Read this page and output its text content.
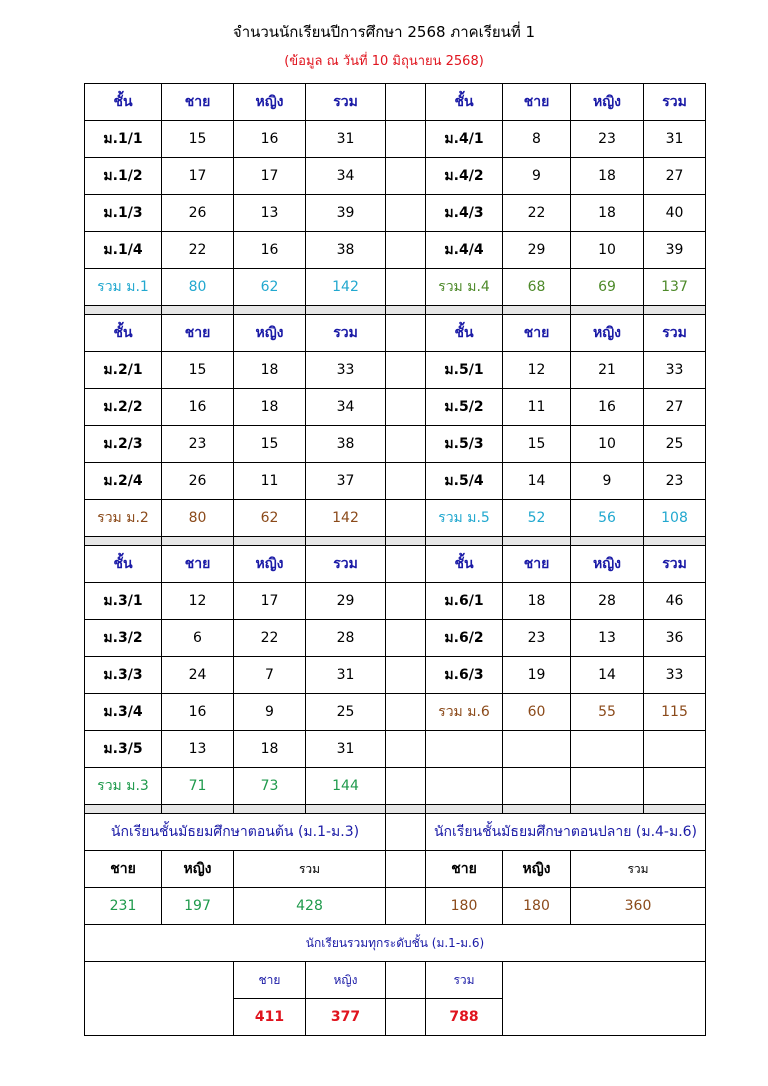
จำนวนนักเรียนปีการศึกษา 2568 ภาคเรียนที่ 1
(ข้อมูล ณ วันที่ 10 มิถุนายน 2568)
ชั้น	ชาย	หญิง	รวม		ชั้น	ชาย	หญิง	รวม
ม.1/1	15	16	31		ม.4/1	8	23	31
ม.1/2	17	17	34		ม.4/2	9	18	27
ม.1/3	26	13	39		ม.4/3	22	18	40
ม.1/4	22	16	38		ม.4/4	29	10	39
รวม ม.1	80	62	142		รวม ม.4	68	69	137

ชั้น	ชาย	หญิง	รวม		ชั้น	ชาย	หญิง	รวม
ม.2/1	15	18	33		ม.5/1	12	21	33
ม.2/2	16	18	34		ม.5/2	11	16	27
ม.2/3	23	15	38		ม.5/3	15	10	25
ม.2/4	26	11	37		ม.5/4	14	9	23
รวม ม.2	80	62	142		รวม ม.5	52	56	108

ชั้น	ชาย	หญิง	รวม		ชั้น	ชาย	หญิง	รวม
ม.3/1	12	17	29		ม.6/1	18	28	46
ม.3/2	6	22	28		ม.6/2	23	13	36
ม.3/3	24	7	31		ม.6/3	19	14	33
ม.3/4	16	9	25		รวม ม.6	60	55	115
ม.3/5	13	18	31					
รวม ม.3	71	73	144					

นักเรียนชั้นมัธยมศึกษาตอนต้น (ม.1-ม.3)					นักเรียนชั้นมัธยมศึกษาตอนปลาย (ม.4-ม.6)			
ชาย	หญิง	รวม			ชาย	หญิง	รวม	
231	197	428			180	180	360	
นักเรียนรวมทุกระดับชั้น (ม.1-ม.6)								
		ชาย	หญิง		รวม			
		411	377		788			
